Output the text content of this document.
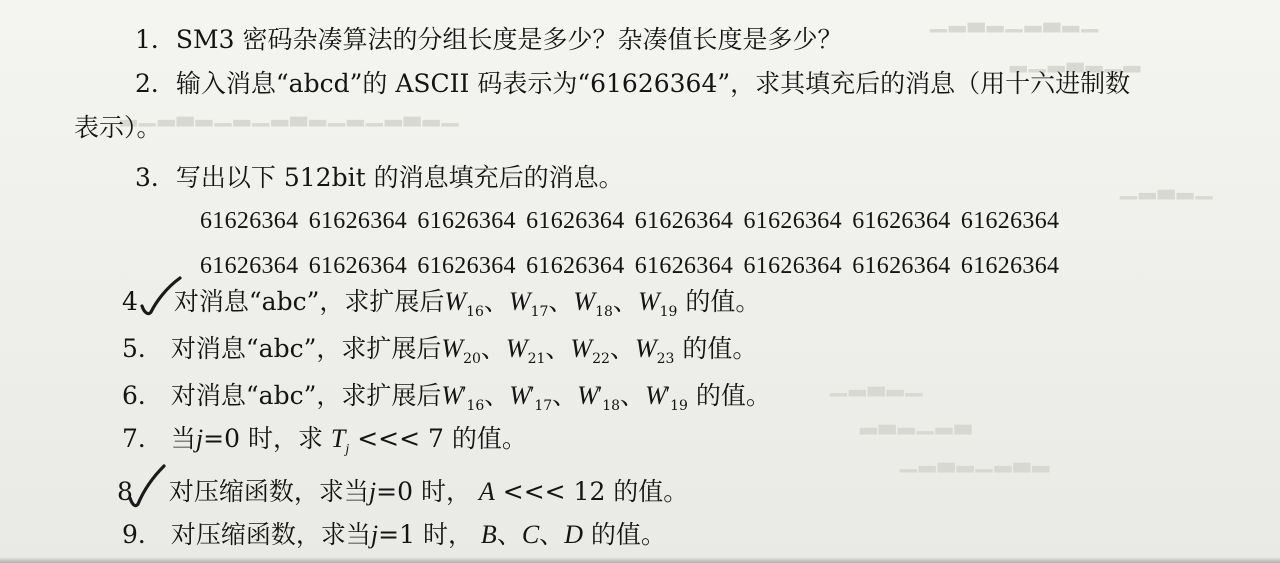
▁▂▃▂▁▂▃▂▁
▂▁▂▃▂▁▂
▂▁▂▃▂▁▂▁▂▃▂▁▂▁▂▃▂▁
▁▂▃▂▁
▁▂▃▂▁
▂▃▂▁▂▃
▁▂▃▂▁▂▃▂
1．SM3 密码杂凑算法的分组长度是多少？杂凑值长度是多少？
2．输入消息“abcd”的 ASCII 码表示为“61626364”，求其填充后的消息（用十六进制数
表示）。
3．写出以下 512bit 的消息填充后的消息。
61626364 61626364 61626364 61626364 61626364 61626364 61626364 61626364
61626364 61626364 61626364 61626364 61626364 61626364 61626364 61626364
4 对消息“abc”，求扩展后$W_{16}$、$W_{17}$、$W_{18}$、$W_{19}$ 的值。
5． 对消息“abc”，求扩展后$W_{20}$、$W_{21}$、$W_{22}$、$W_{23}$ 的值。
6． 对消息“abc”，求扩展后$W'_{16}$、$W'_{17}$、$W'_{18}$、$W'_{19}$ 的值。
7． 当j=0 时，求 $T_j$ <<< 7 的值。
8 对压缩函数，求当j=0 时， A <<< 12 的值。
9． 对压缩函数，求当j=1 时， B、C、D 的值。
